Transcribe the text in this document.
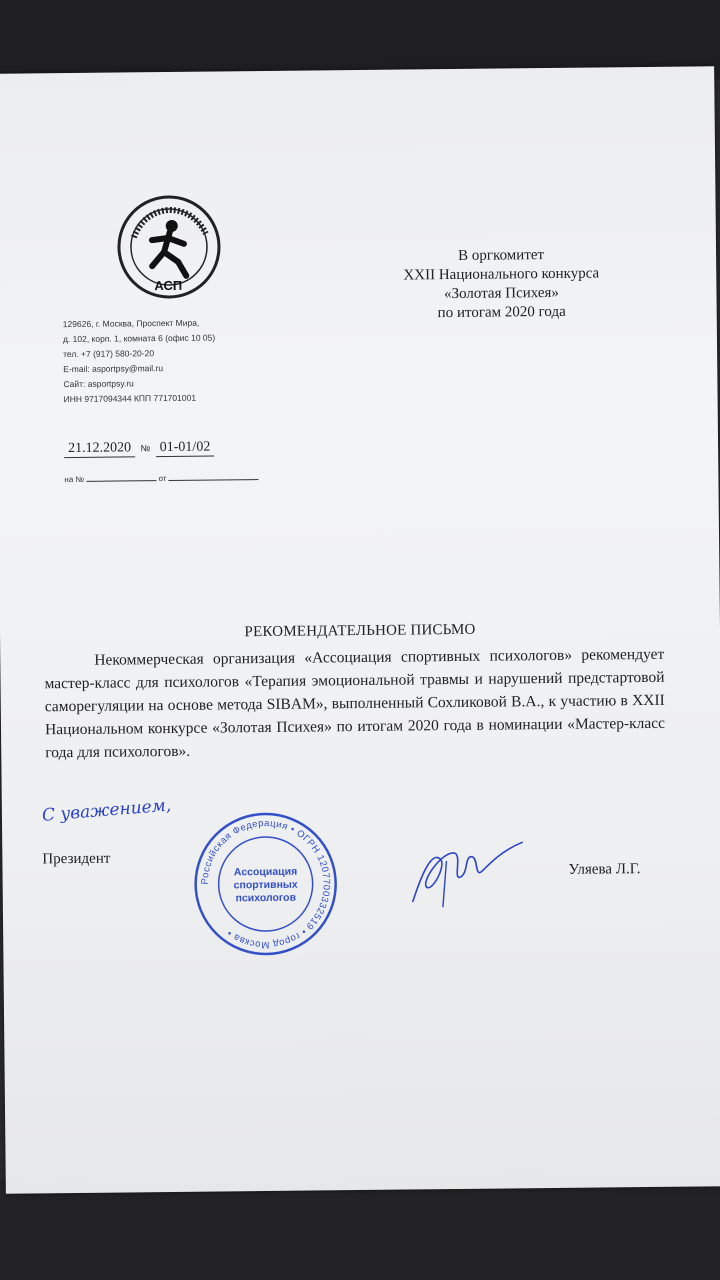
АСП
129626, г. Москва, Проспект Мира,
д. 102, корп. 1, комната 6 (офис 10 05)
тел. +7 (917) 580-20-20
E-mail: asportpsy@mail.ru
Сайт: asportpsy.ru
ИНН 9717094344 КПП 771701001
В оргкомитет
XXII Национального конкурса
«Золотая Психея»
по итогам 2020 года
21.12.2020 № 01-01/02
на №	от
РЕКОМЕНДАТЕЛЬНОЕ ПИСЬМО
Некоммерческая организация «Ассоциация спортивных психологов» рекомендует мастер-класс для психологов «Терапия эмоциональной травмы и нарушений предстартовой саморегуляции на основе метода SIBAM», выполненный Сохликовой В.А., к участию в XXII Национальном конкурсе «Золотая Психея» по итогам 2020 года в номинации «Мастер-класс года для психологов».
С уважением,
Президент
Российская Федерация • ОГРН 1207700332519 • город Москва •
Ассоциация
спортивных
психологов
Уляева Л.Г.
